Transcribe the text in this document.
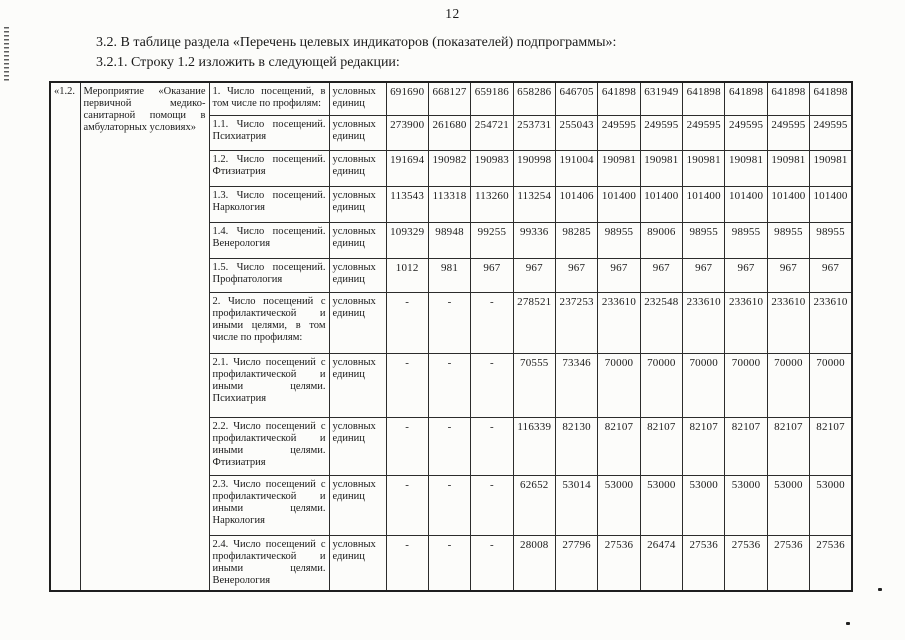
12
3.2. В таблице раздела «Перечень целевых индикаторов (показателей) подпрограммы»:
3.2.1. Строку 1.2 изложить в следующей редакции:
«1.2.	Мероприятие «Оказание первичной медико-санитарной помощи в амбулаторных условиях»	1. Число посещений, в том числе по профилям:	условных единиц	691690	668127	659186	658286	646705	641898	631949	641898	641898	641898	641898
		1.1. Число посещений. Психиатрия	условных единиц	273900	261680	254721	253731	255043	249595	249595	249595	249595	249595	249595
		1.2. Число посещений. Фтизиатрия	условных единиц	191694	190982	190983	190998	191004	190981	190981	190981	190981	190981	190981
		1.3. Число посещений. Наркология	условных единиц	113543	113318	113260	113254	101406	101400	101400	101400	101400	101400	101400
		1.4. Число посещений. Венерология	условных единиц	109329	98948	99255	99336	98285	98955	89006	98955	98955	98955	98955
		1.5. Число посещений. Профпатология	условных единиц	1012	981	967	967	967	967	967	967	967	967	967
		2. Число посещений с профилактической и иными целями, в том числе по профилям:	условных единиц	-	-	-	278521	237253	233610	232548	233610	233610	233610	233610
		2.1. Число посещений с профилактической и иными целями. Психиатрия	условных единиц	-	-	-	70555	73346	70000	70000	70000	70000	70000	70000
		2.2. Число посещений с профилактической и иными целями. Фтизиатрия	условных единиц	-	-	-	116339	82130	82107	82107	82107	82107	82107	82107
		2.3. Число посещений с профилактической и иными целями. Наркология	условных единиц	-	-	-	62652	53014	53000	53000	53000	53000	53000	53000
		2.4. Число посещений с профилактической и иными целями. Венерология	условных единиц	-	-	-	28008	27796	27536	26474	27536	27536	27536	27536
